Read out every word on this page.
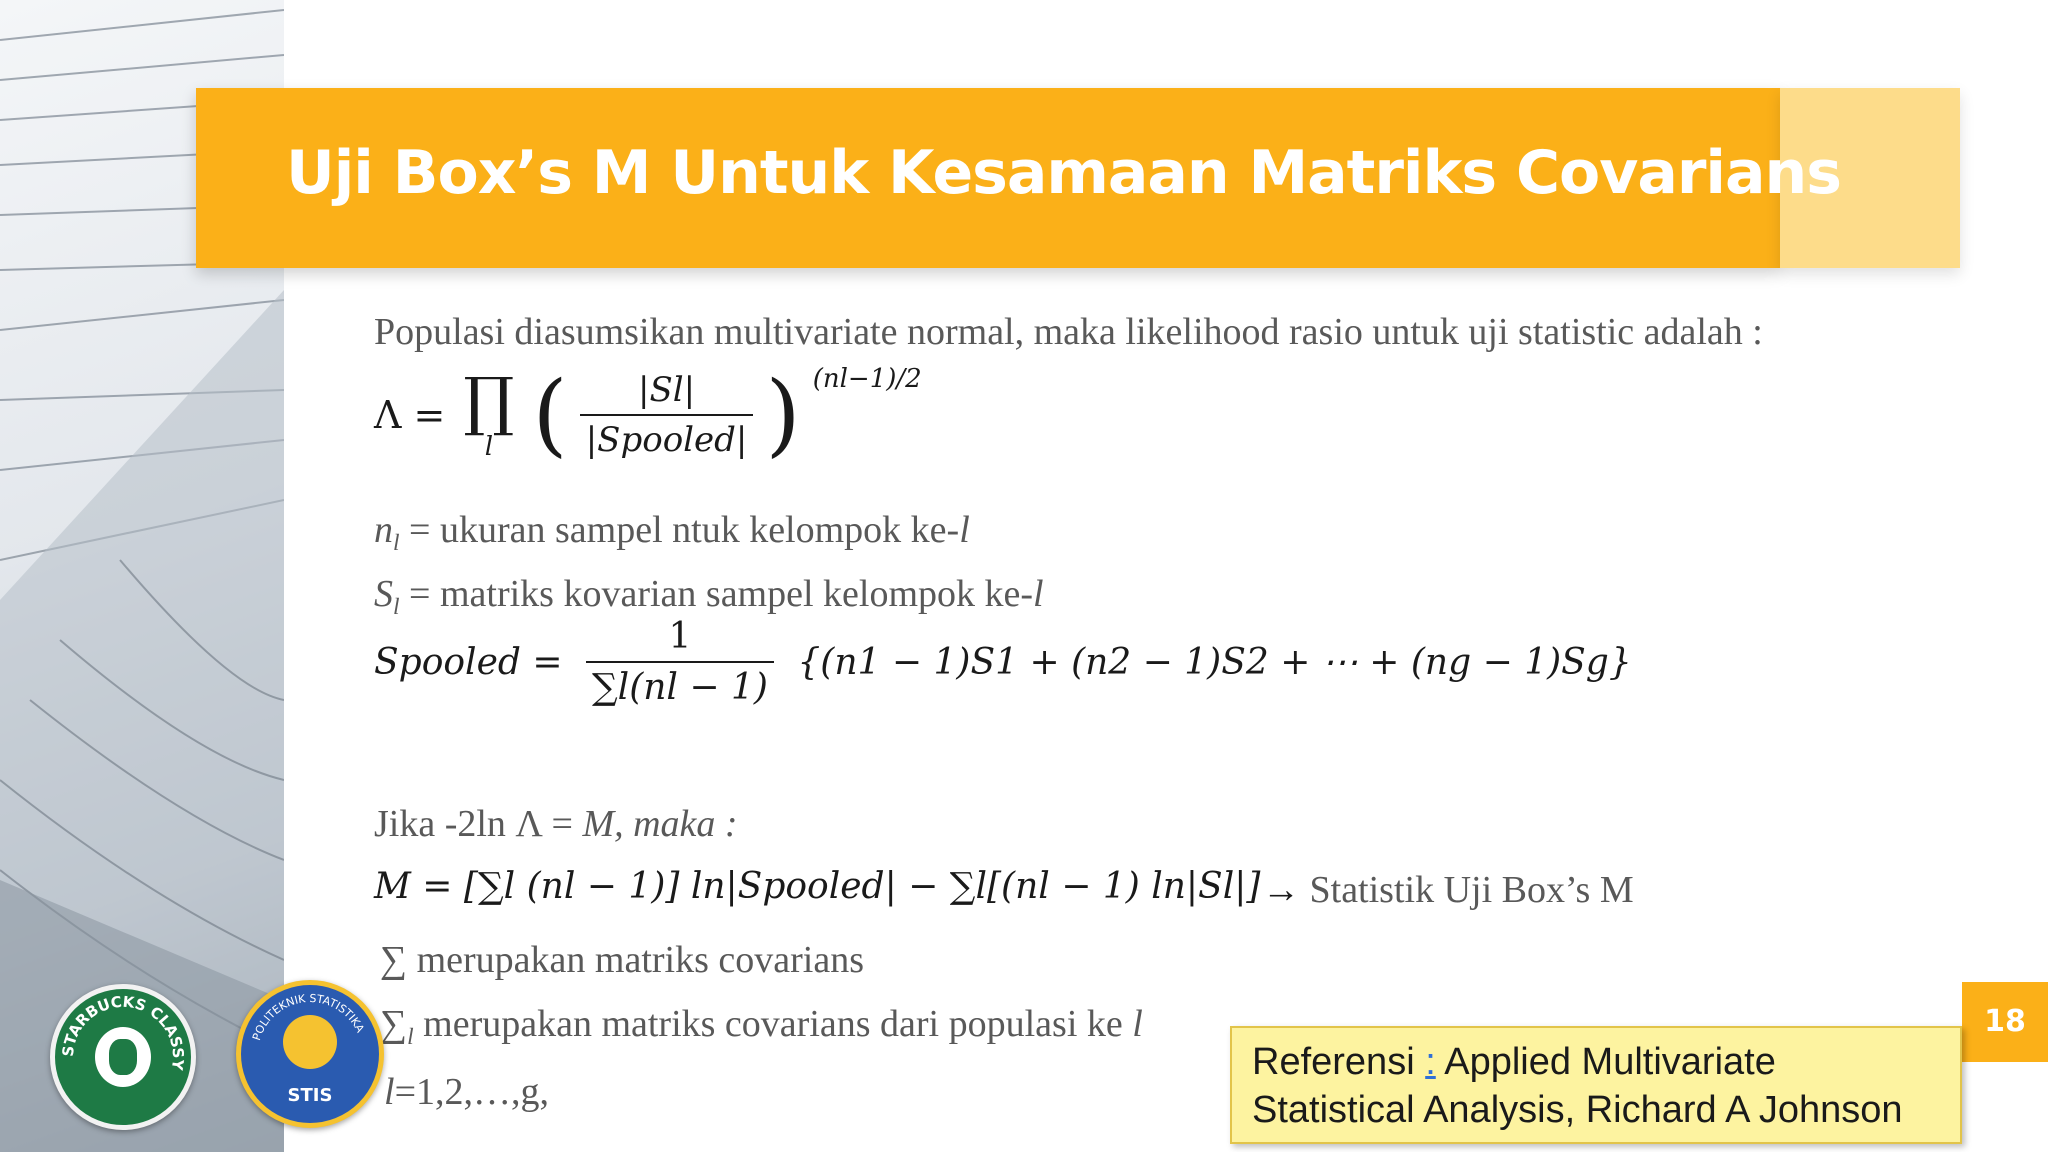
Uji Box’s M Untuk Kesamaan Matriks Covarians
Populasi diasumsikan multivariate normal, maka likelihood rasio untuk uji statistic adalah :
Λ = ∏
l ( $\frac{|Sl|}{\text{|Spooled|}}$ ) (nl−1)/2
$n_l$ = ukuran sampel ntuk kelompok ke-l
$S_l$ = matriks kovarian sampel kelompok ke-l
Spooled = $\frac{1}{\sum l(nl - 1)} \{(n1 - 1)S1 + (n2 - 1)S2$ + ⋯ + (ng − 1)Sg}
Jika -2ln Λ = M, maka :
M = [∑l (nl − 1)] ln|Spooled| − ∑l[(nl − 1) ln|Sl|] → Statistik Uji Box’s M
∑ merupakan matriks covarians
$\sum_l$ merupakan matriks covarians dari populasi ke l
l=1,2,…,g,
STARBUCKS CLASSY
POLITEKNIK STATISTIKA
STIS
18
Referensi : Applied Multivariate
Statistical Analysis, Richard A Johnson
